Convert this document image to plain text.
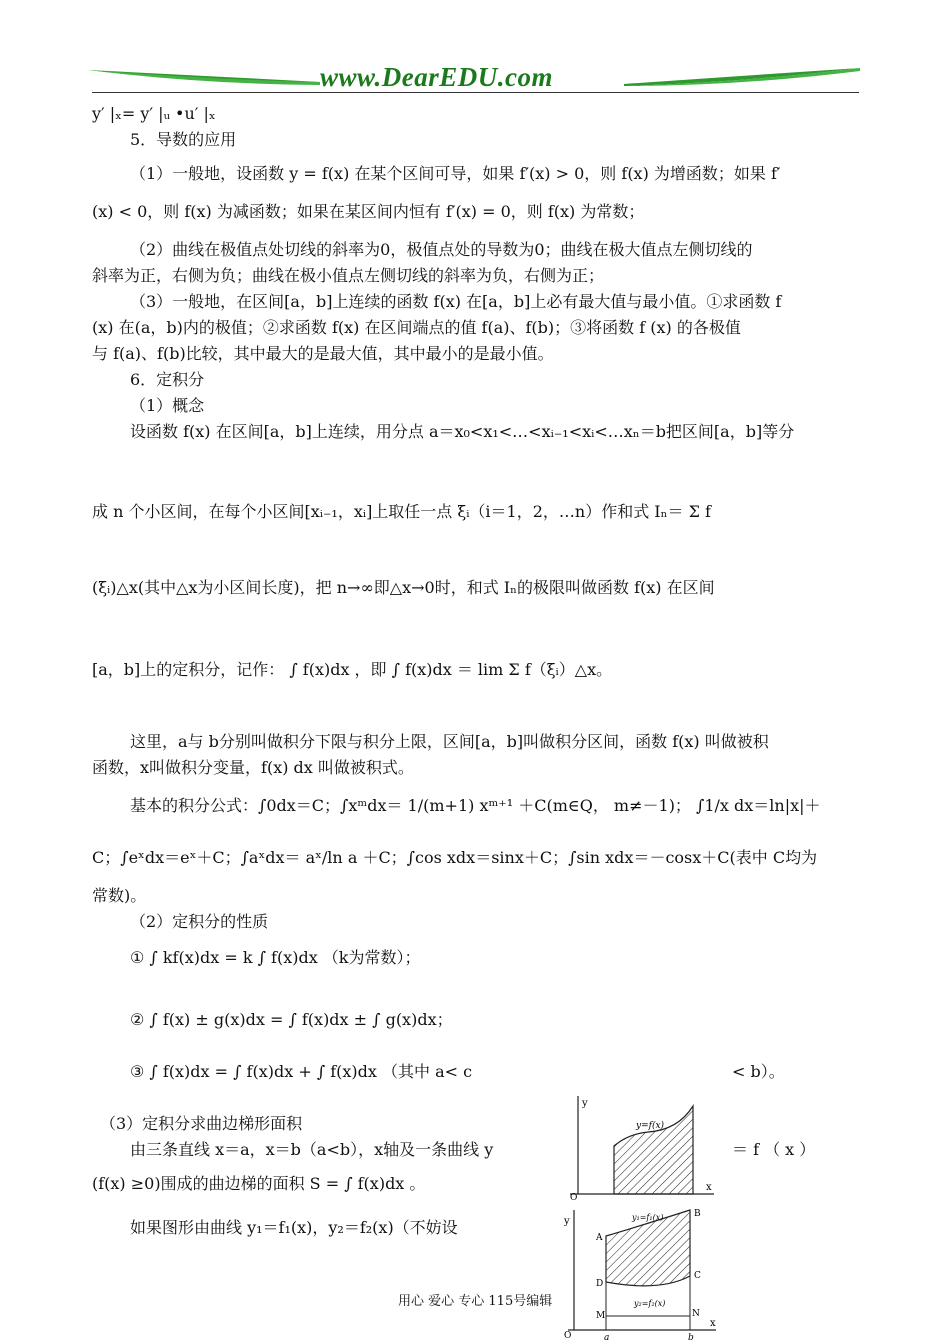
www.DearEDU.com
y′ |ₓ= y′ |ᵤ •u′ |ₓ
5．导数的应用
（1）一般地，设函数 y = f(x) 在某个区间可导，如果 f′(x) > 0，则 f(x) 为增函数；如果 f′
(x) < 0，则 f(x) 为减函数；如果在某区间内恒有 f′(x) = 0，则 f(x) 为常数；
（2）曲线在极值点处切线的斜率为0，极值点处的导数为0；曲线在极大值点左侧切线的
斜率为正，右侧为负；曲线在极小值点左侧切线的斜率为负，右侧为正；
（3）一般地，在区间[a，b]上连续的函数 f(x) 在[a，b]上必有最大值与最小值。①求函数 f
(x) 在(a，b)内的极值；②求函数 f(x) 在区间端点的值 f(a)、f(b)；③将函数 f (x) 的各极值
与 f(a)、f(b)比较，其中最大的是最大值，其中最小的是最小值。
6．定积分
（1）概念
设函数 f(x) 在区间[a，b]上连续，用分点 a＝x₀<x₁<…<xᵢ₋₁<xᵢ<…xₙ＝b把区间[a，b]等分
成 n 个小区间，在每个小区间[xᵢ₋₁，xᵢ]上取任一点 ξᵢ（i＝1，2，…n）作和式 Iₙ＝ Σ f
(ξᵢ)△x(其中△x为小区间长度)，把 n→∞即△x→0时，和式 Iₙ的极限叫做函数 f(x) 在区间
[a，b]上的定积分，记作： ∫ f(x)dx ，即 ∫ f(x)dx ＝ lim Σ f（ξᵢ）△x。
这里，a与 b分别叫做积分下限与积分上限，区间[a，b]叫做积分区间，函数 f(x) 叫做被积
函数，x叫做积分变量，f(x) dx 叫做被积式。
基本的积分公式：∫0dx＝C；∫xᵐdx＝ 1/(m+1) xᵐ⁺¹ ＋C(m∈Q， m≠－1)； ∫1/x dx＝ln|x|＋
C；∫eˣdx＝eˣ＋C；∫aˣdx＝ aˣ/ln a ＋C；∫cos xdx＝sinx＋C；∫sin xdx＝－cosx＋C(表中 C均为
常数)。
（2）定积分的性质
① ∫ kf(x)dx = k ∫ f(x)dx （k为常数）；
② ∫ f(x) ± g(x)dx = ∫ f(x)dx ± ∫ g(x)dx；
③ ∫ f(x)dx = ∫ f(x)dx + ∫ f(x)dx （其中 a< c	< b）。
（3）定积分求曲边梯形面积
由三条直线 x＝a，x＝b（a<b），x轴及一条曲线 y	＝ f （ x ）
(f(x) ≥0)围成的曲边梯的面积 S = ∫ f(x)dx 。
如果图形由曲线 y₁＝f₁(x)，y₂＝f₂(x)（不妨设
y
x
O
y=f(x)
y
x
O
y₁=f₁(x)
y₂=f₂(x)
A
B
C
D
M	N
a	b
用心 爱心 专心 115号编辑
